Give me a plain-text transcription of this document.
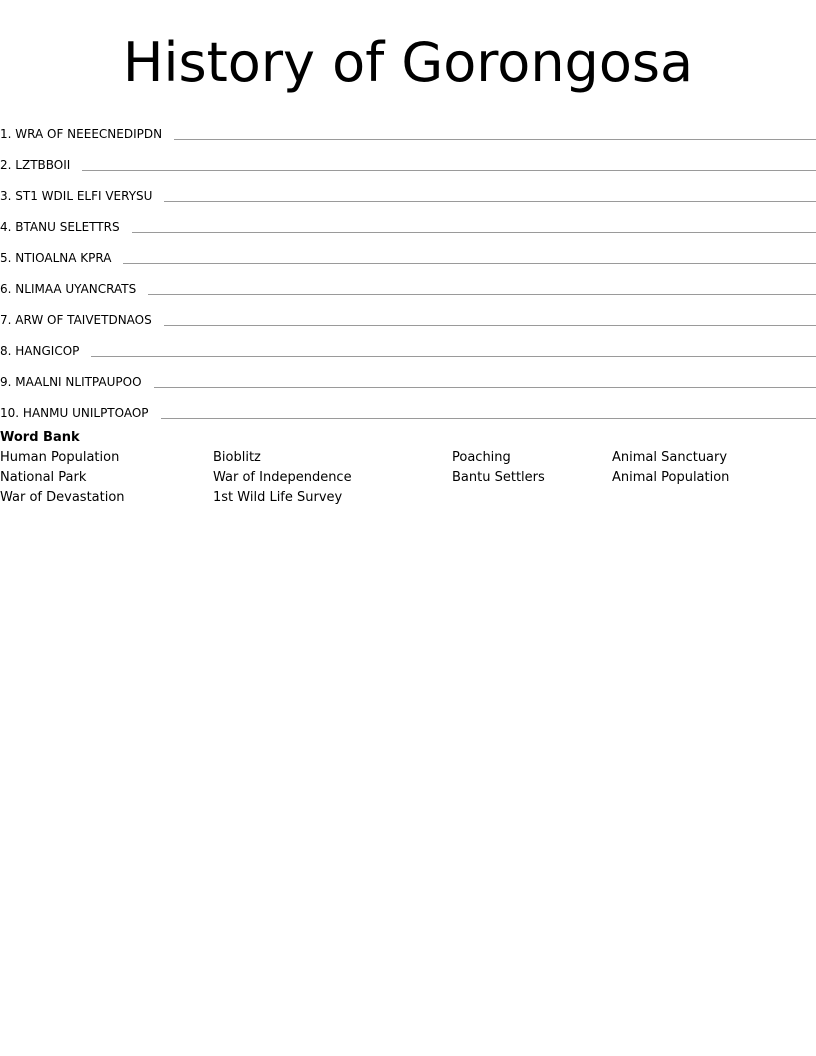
History of Gorongosa
1. WRA OF NEEECNEDIPDN
2. LZTBBOII
3. ST1 WDIL ELFI VERYSU
4. BTANU SELETTRS
5. NTIOALNA KPRA
6. NLIMAA UYANCRATS
7. ARW OF TAIVETDNAOS
8. HANGICOP
9. MAALNI NLITPAUPOO
10. HANMU UNILPTOAOP
Word Bank
Human Population	Bioblitz	Poaching	Animal Sanctuary
National Park	War of Independence	Bantu Settlers	Animal Population
War of Devastation	1st Wild Life Survey
